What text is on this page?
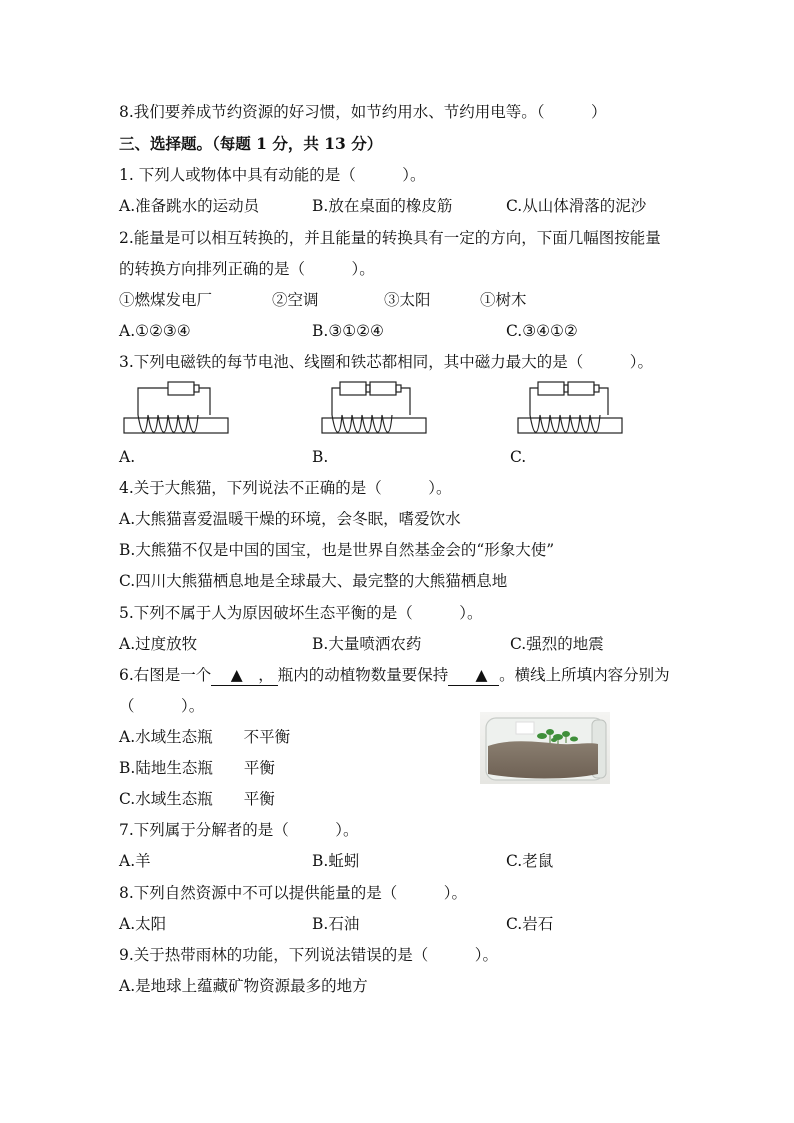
8.我们要养成节约资源的好习惯，如节约用水、节约用电等。（　　　）
三、选择题。（每题 1 分，共 13 分）
1. 下列人或物体中具有动能的是（　　　）。
A.准备跳水的运动员	B.放在桌面的橡皮筋	C.从山体滑落的泥沙
2.能量是可以相互转换的，并且能量的转换具有一定的方向，下面几幅图按能量
的转换方向排列正确的是（　　　）。
①燃煤发电厂	②空调	③太阳	①树木
A.①②③④	B.③①②④	C.③④①②
3.下列电磁铁的每节电池、线圈和铁芯都相同，其中磁力最大的是（　　　）。
A.	B.	C.
4.关于大熊猫，下列说法不正确的是（　　　）。
A.大熊猫喜爱温暖干燥的环境，会冬眠，嗜爱饮水
B.大熊猫不仅是中国的国宝，也是世界自然基金会的“形象大使”
C.四川大熊猫栖息地是全球最大、最完整的大熊猫栖息地
5.下列不属于人为原因破坏生态平衡的是（　　　）。
A.过度放牧	B.大量喷洒农药	C.强烈的地震
6.右图是一个　▲　， 瓶内的动植物数量要保持　▲　。横线上所填内容分别为
（　　　）。
A.水域生态瓶　　不平衡
B.陆地生态瓶　　平衡
C.水域生态瓶　　平衡
7.下列属于分解者的是（　　　）。
A.羊	B.蚯蚓	C.老鼠
8.下列自然资源中不可以提供能量的是（　　　）。
A.太阳	B.石油	C.岩石
9.关于热带雨林的功能，下列说法错误的是（　　　）。
A.是地球上蕴藏矿物资源最多的地方
